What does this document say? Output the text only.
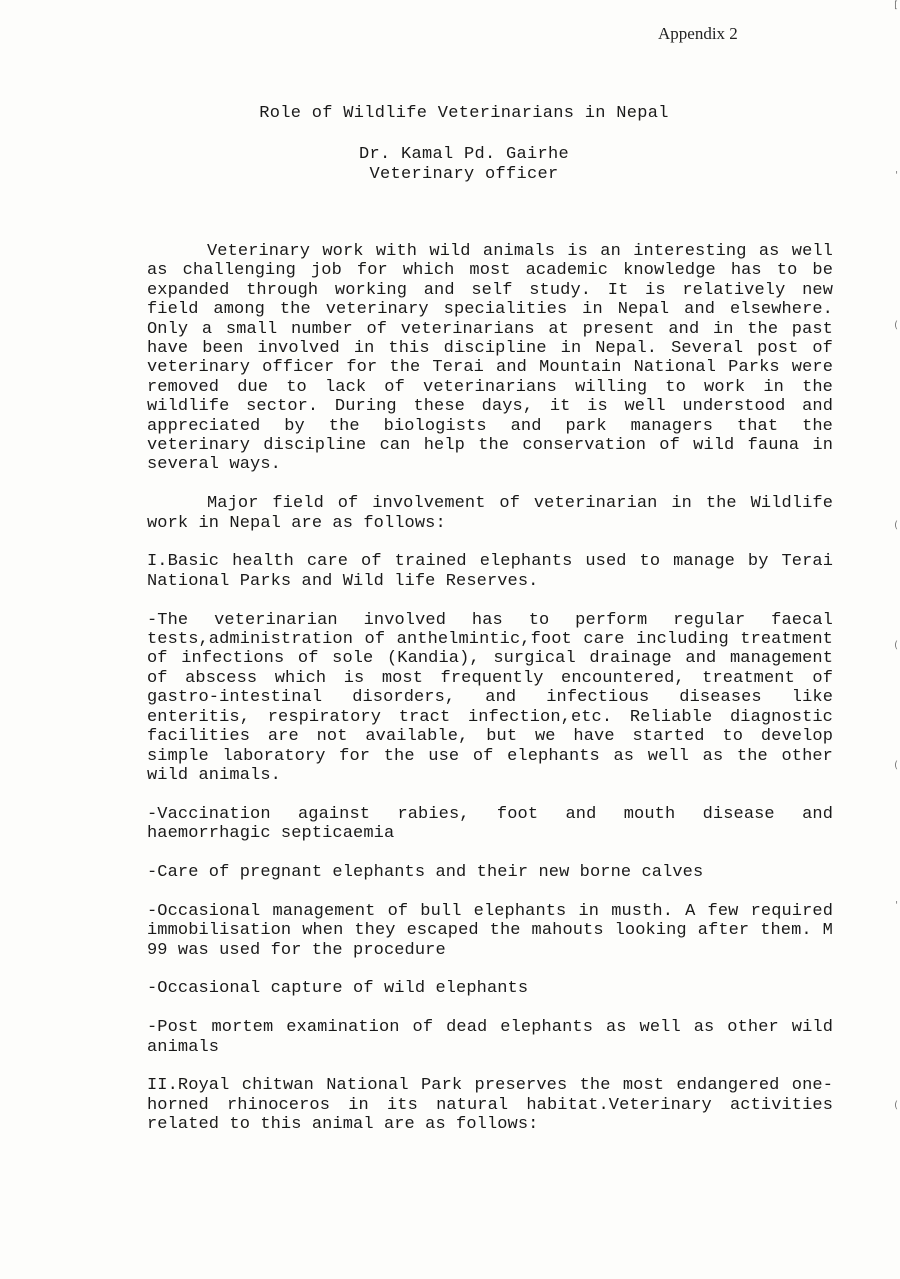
Appendix 2
Role of Wildlife Veterinarians in Nepal
Dr. Kamal Pd. Gairhe
Veterinary officer

Veterinary work with wild animals is an interesting as well as challenging job for which most academic knowledge has to be expanded through working and self study. It is relatively new field among the veterinary specialities in Nepal and elsewhere. Only a small number of veterinarians at present and in the past have been involved in this discipline in Nepal. Several post of veterinary officer for the Terai and Mountain National Parks were removed due to lack of veterinarians willing to work in the wildlife sector. During these days, it is well understood and appreciated by the biologists and park managers that the veterinary discipline can help the conservation of wild fauna in several ways.

Major field of involvement of veterinarian in the Wildlife work in Nepal are as follows:

I.Basic health care of trained elephants used to manage by Terai National Parks and Wild life Reserves.

-The veterinarian involved has to perform regular faecal tests,administration of anthelmintic,foot care including treatment of infections of sole (Kandia), surgical drainage and management of abscess which is most frequently encountered, treatment of gastro-intestinal disorders, and infectious diseases like enteritis, respiratory tract infection,etc. Reliable diagnostic facilities are not available, but we have started to develop simple laboratory for the use of elephants as well as the other wild animals.

-Vaccination against rabies, foot and mouth disease and haemorrhagic septicaemia

-Care of pregnant elephants and their new borne calves

-Occasional management of bull elephants in musth. A few required immobilisation when they escaped the mahouts looking after them. M 99 was used for the procedure

-Occasional capture of wild elephants

-Post mortem examination of dead elephants as well as other wild animals

II.Royal chitwan National Park preserves the most endangered one- horned rhinoceros in its natural habitat.Veterinary activities related to this animal are as follows:

[
'
(
(
(
(
'
(
